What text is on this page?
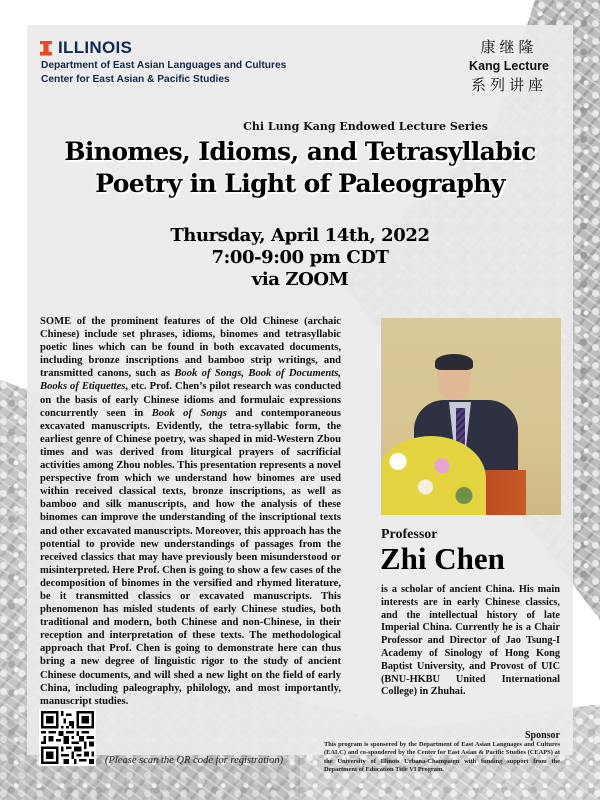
ILLINOIS
Department of East Asian Languages and Cultures
Center for East Asian & Pacific Studies
康继隆
Kang Lecture
系列讲座
Chi Lung Kang Endowed Lecture Series
Binomes, Idioms, and Tetrasyllabic
Poetry in Light of Paleography
Thursday, April 14th, 2022
7:00-9:00 pm CDT
via ZOOM
SOME of the prominent features of the Old Chinese (archaic Chinese) include set phrases, idioms, binomes and tetrasyllabic poetic lines which can be found in both excavated documents, including bronze inscriptions and bamboo strip writings, and transmitted canons, such as Book of Songs, Book of Documents, Books of Etiquettes, etc. Prof. Chen’s pilot research was conducted on the basis of early Chinese idioms and formulaic expressions concurrently seen in Book of Songs and contemporaneous excavated manuscripts. Evidently, the tetra-syllabic form, the earliest genre of Chinese poetry, was shaped in mid-Western Zbou times and was derived from liturgical prayers of sacrificial activities among Zhou nobles. This presentation represents a novel perspective from which we understand how binomes are used within received classical texts, bronze inscriptions, as well as bamboo and silk manuscripts, and how the analysis of these binomes can improve the understanding of the inscriptional texts and other excavated manuscripts. Moreover, this approach has the potential to provide new understandings of passages from the received classics that may have previously been misunderstood or misinterpreted. Here Prof. Chen is going to show a few cases of the decomposition of binomes in the versified and rhymed literature, be it transmitted classics or excavated manuscripts. This phenomenon has misled students of early Chinese studies, both traditional and modern, both Chinese and non-Chinese, in their reception and interpretation of these texts. The methodological approach that Prof. Chen is going to demonstrate here can thus bring a new degree of linguistic rigor to the study of ancient Chinese documents, and will shed a new light on the field of early China, including paleography, philology, and most importantly, manuscript studies.
Professor
Zhi Chen
is a scholar of ancient China. His main interests are in early Chinese classics, and the intellectual history of late Imperial China. Currently he is a Chair Professor and Director of Jao Tsung-I Academy of Sinology of Hong Kong Baptist University, and Provost of UIC (BNU-HKBU United International College) in Zhuhai.
(Please scan the QR code for registration)
Sponsor
This program is sponsered by the Department of East Asian Languages and Cultures (EALC) and co-spondered by the Center for East Asian & Pacific Studies (CEAPS) at the University of Illinois Urbana-Champaign with funding support from the Department of Education Title VI Program.
